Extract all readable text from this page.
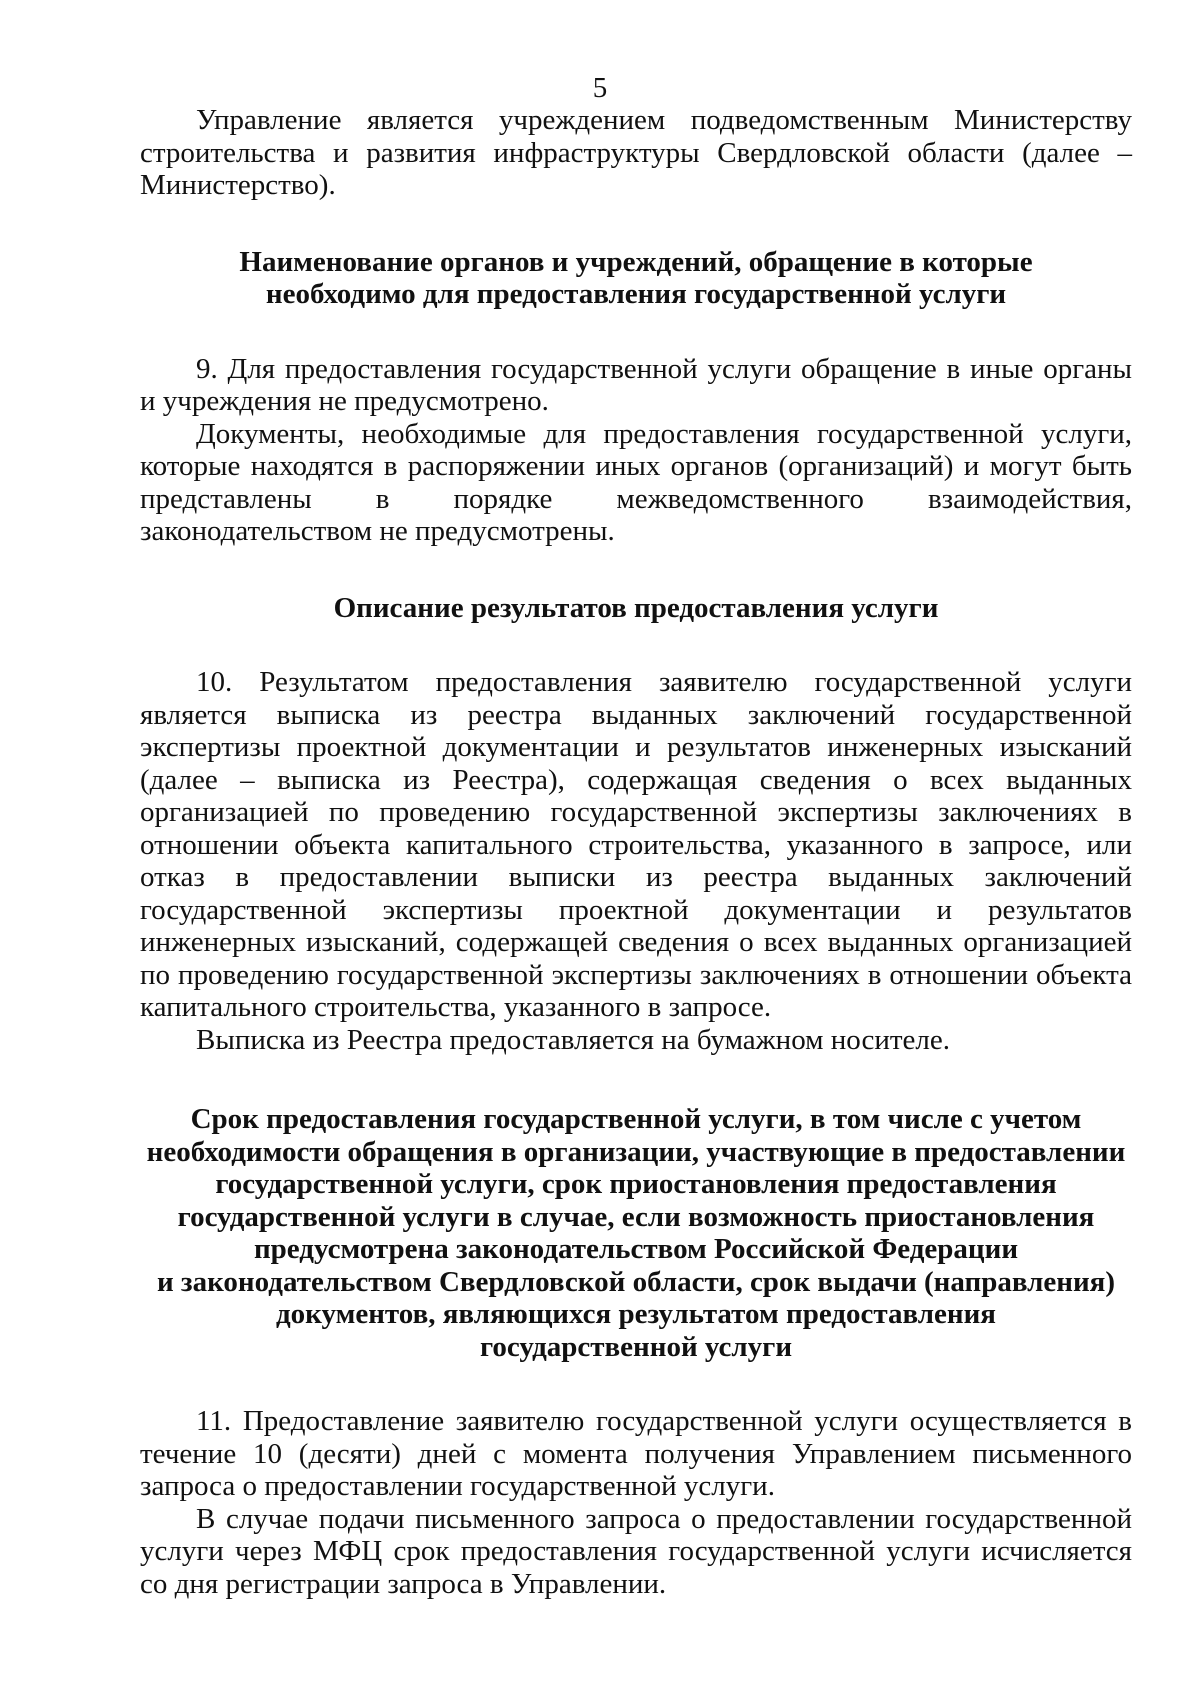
5

Управление является учреждением подведомственным Министерству строительства и развития инфраструктуры Свердловской области (далее – Министерство).

Наименование органов и учреждений, обращение в которые
необходимо для предоставления государственной услуги

9. Для предоставления государственной услуги обращение в иные органы и учреждения не предусмотрено.

Документы, необходимые для предоставления государственной услуги, которые находятся в распоряжении иных органов (организаций) и могут быть представлены в порядке межведомственного взаимодействия, законодательством не предусмотрены.

Описание результатов предоставления услуги

10. Результатом предоставления заявителю государственной услуги является выписка из реестра выданных заключений государственной экспертизы проектной документации и результатов инженерных изысканий (далее – выписка из Реестра), содержащая сведения о всех выданных организацией по проведению государственной экспертизы заключениях в отношении объекта капитального строительства, указанного в запросе, или отказ в предоставлении выписки из реестра выданных заключений государственной экспертизы проектной документации и результатов инженерных изысканий, содержащей сведения о всех выданных организацией по проведению государственной экспертизы заключениях в отношении объекта капитального строительства, указанного в запросе.

Выписка из Реестра предоставляется на бумажном носителе.

Срок предоставления государственной услуги, в том числе с учетом
необходимости обращения в организации, участвующие в предоставлении
государственной услуги, срок приостановления предоставления
государственной услуги в случае, если возможность приостановления
предусмотрена законодательством Российской Федерации
и законодательством Свердловской области, срок выдачи (направления)
документов, являющихся результатом предоставления
государственной услуги

11. Предоставление заявителю государственной услуги осуществляется в течение 10 (десяти) дней с момента получения Управлением письменного запроса о предоставлении государственной услуги.

В случае подачи письменного запроса о предоставлении государственной услуги через МФЦ срок предоставления государственной услуги исчисляется со дня регистрации запроса в Управлении.
